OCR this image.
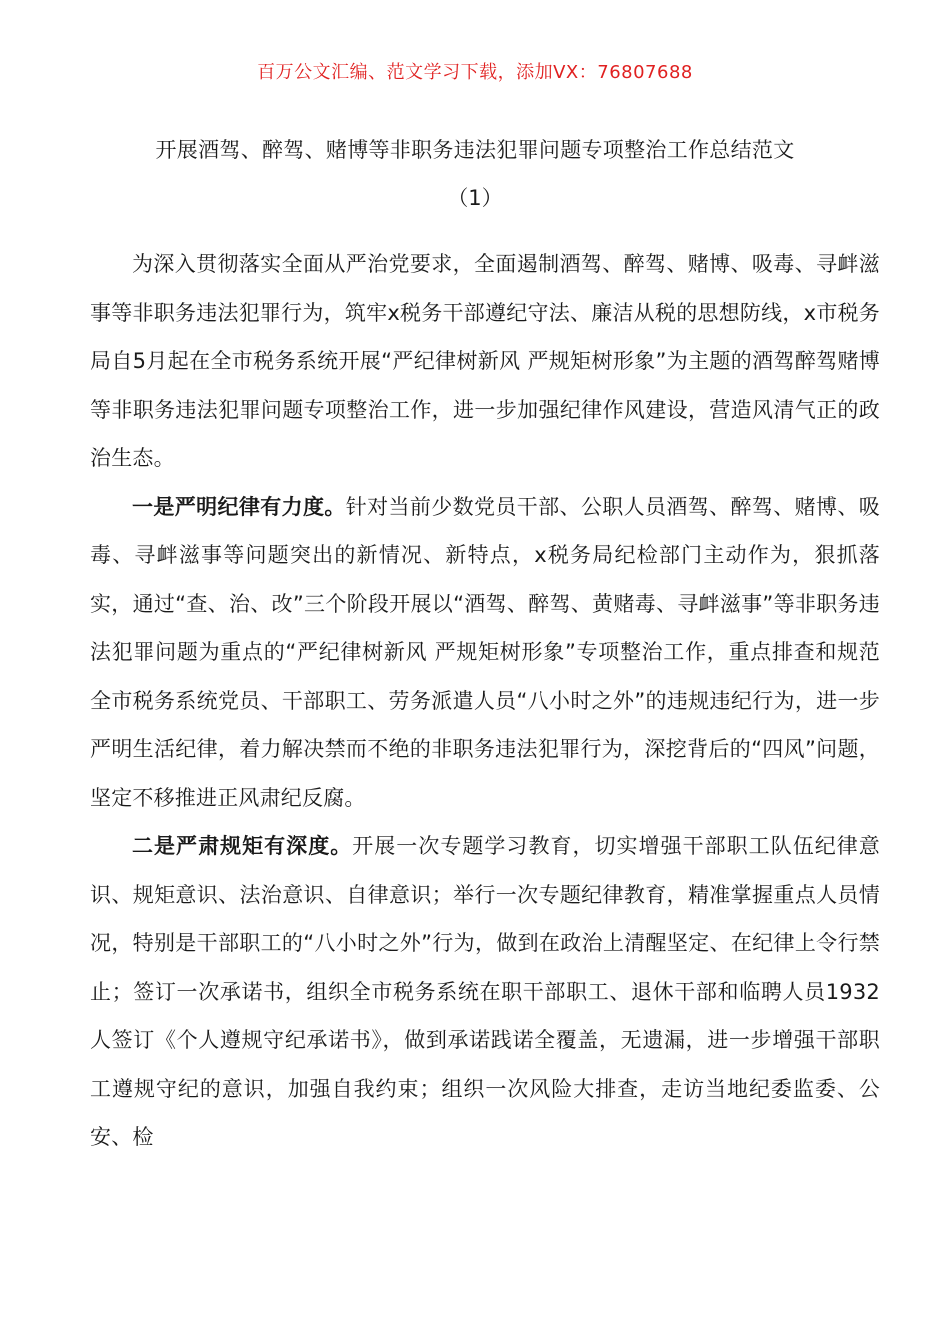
百万公文汇编、范文学习下载，添加VX：76807688
开展酒驾、醉驾、赌博等非职务违法犯罪问题专项整治工作总结范文
（1）

为深入贯彻落实全面从严治党要求，全面遏制酒驾、醉驾、赌博、吸毒、寻衅滋事等非职务违法犯罪行为，筑牢x税务干部遵纪守法、廉洁从税的思想防线，x市税务局自5月起在全市税务系统开展“严纪律树新风 严规矩树形象”为主题的酒驾醉驾赌博等非职务违法犯罪问题专项整治工作，进一步加强纪律作风建设，营造风清气正的政治生态。

一是严明纪律有力度。针对当前少数党员干部、公职人员酒驾、醉驾、赌博、吸毒、寻衅滋事等问题突出的新情况、新特点，x税务局纪检部门主动作为，狠抓落实，通过“查、治、改”三个阶段开展以“酒驾、醉驾、黄赌毒、寻衅滋事”等非职务违法犯罪问题为重点的“严纪律树新风 严规矩树形象”专项整治工作，重点排查和规范全市税务系统党员、干部职工、劳务派遣人员“八小时之外”的违规违纪行为，进一步严明生活纪律，着力解决禁而不绝的非职务违法犯罪行为，深挖背后的“四风”问题，坚定不移推进正风肃纪反腐。

二是严肃规矩有深度。开展一次专题学习教育，切实增强干部职工队伍纪律意识、规矩意识、法治意识、自律意识；举行一次专题纪律教育，精准掌握重点人员情况，特别是干部职工的“八小时之外”行为，做到在政治上清醒坚定、在纪律上令行禁止；签订一次承诺书，组织全市税务系统在职干部职工、退休干部和临聘人员1932人签订《个人遵规守纪承诺书》，做到承诺践诺全覆盖，无遗漏，进一步增强干部职工遵规守纪的意识，加强自我约束；组织一次风险大排查，走访当地纪委监委、公安、检
